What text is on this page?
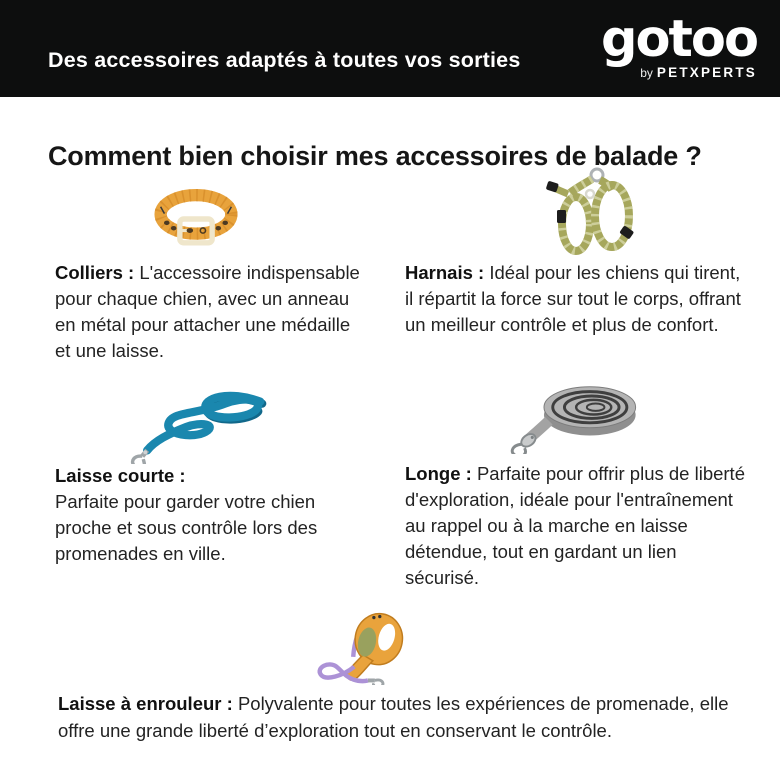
Des accessoires adaptés à toutes vos sorties gotoo
by PETXPERTS
Comment bien choisir mes accessoires de balade ?

Colliers : L'accessoire indispensable pour chaque chien, avec un anneau en métal pour attacher une médaille et une laisse.

Harnais : Idéal pour les chiens qui tirent, il répartit la force sur tout le corps, offrant un meilleur contrôle et plus de confort.

Laisse courte :
Parfaite pour garder votre chien proche et sous contrôle lors des promenades en ville.

Longe : Parfaite pour offrir plus de liberté d'exploration, idéale pour l'entraînement au rappel ou à la marche en laisse détendue, tout en gardant un lien sécurisé.

Laisse à enrouleur : Polyvalente pour toutes les expériences de promenade, elle offre une grande liberté d’exploration tout en conservant le contrôle.
